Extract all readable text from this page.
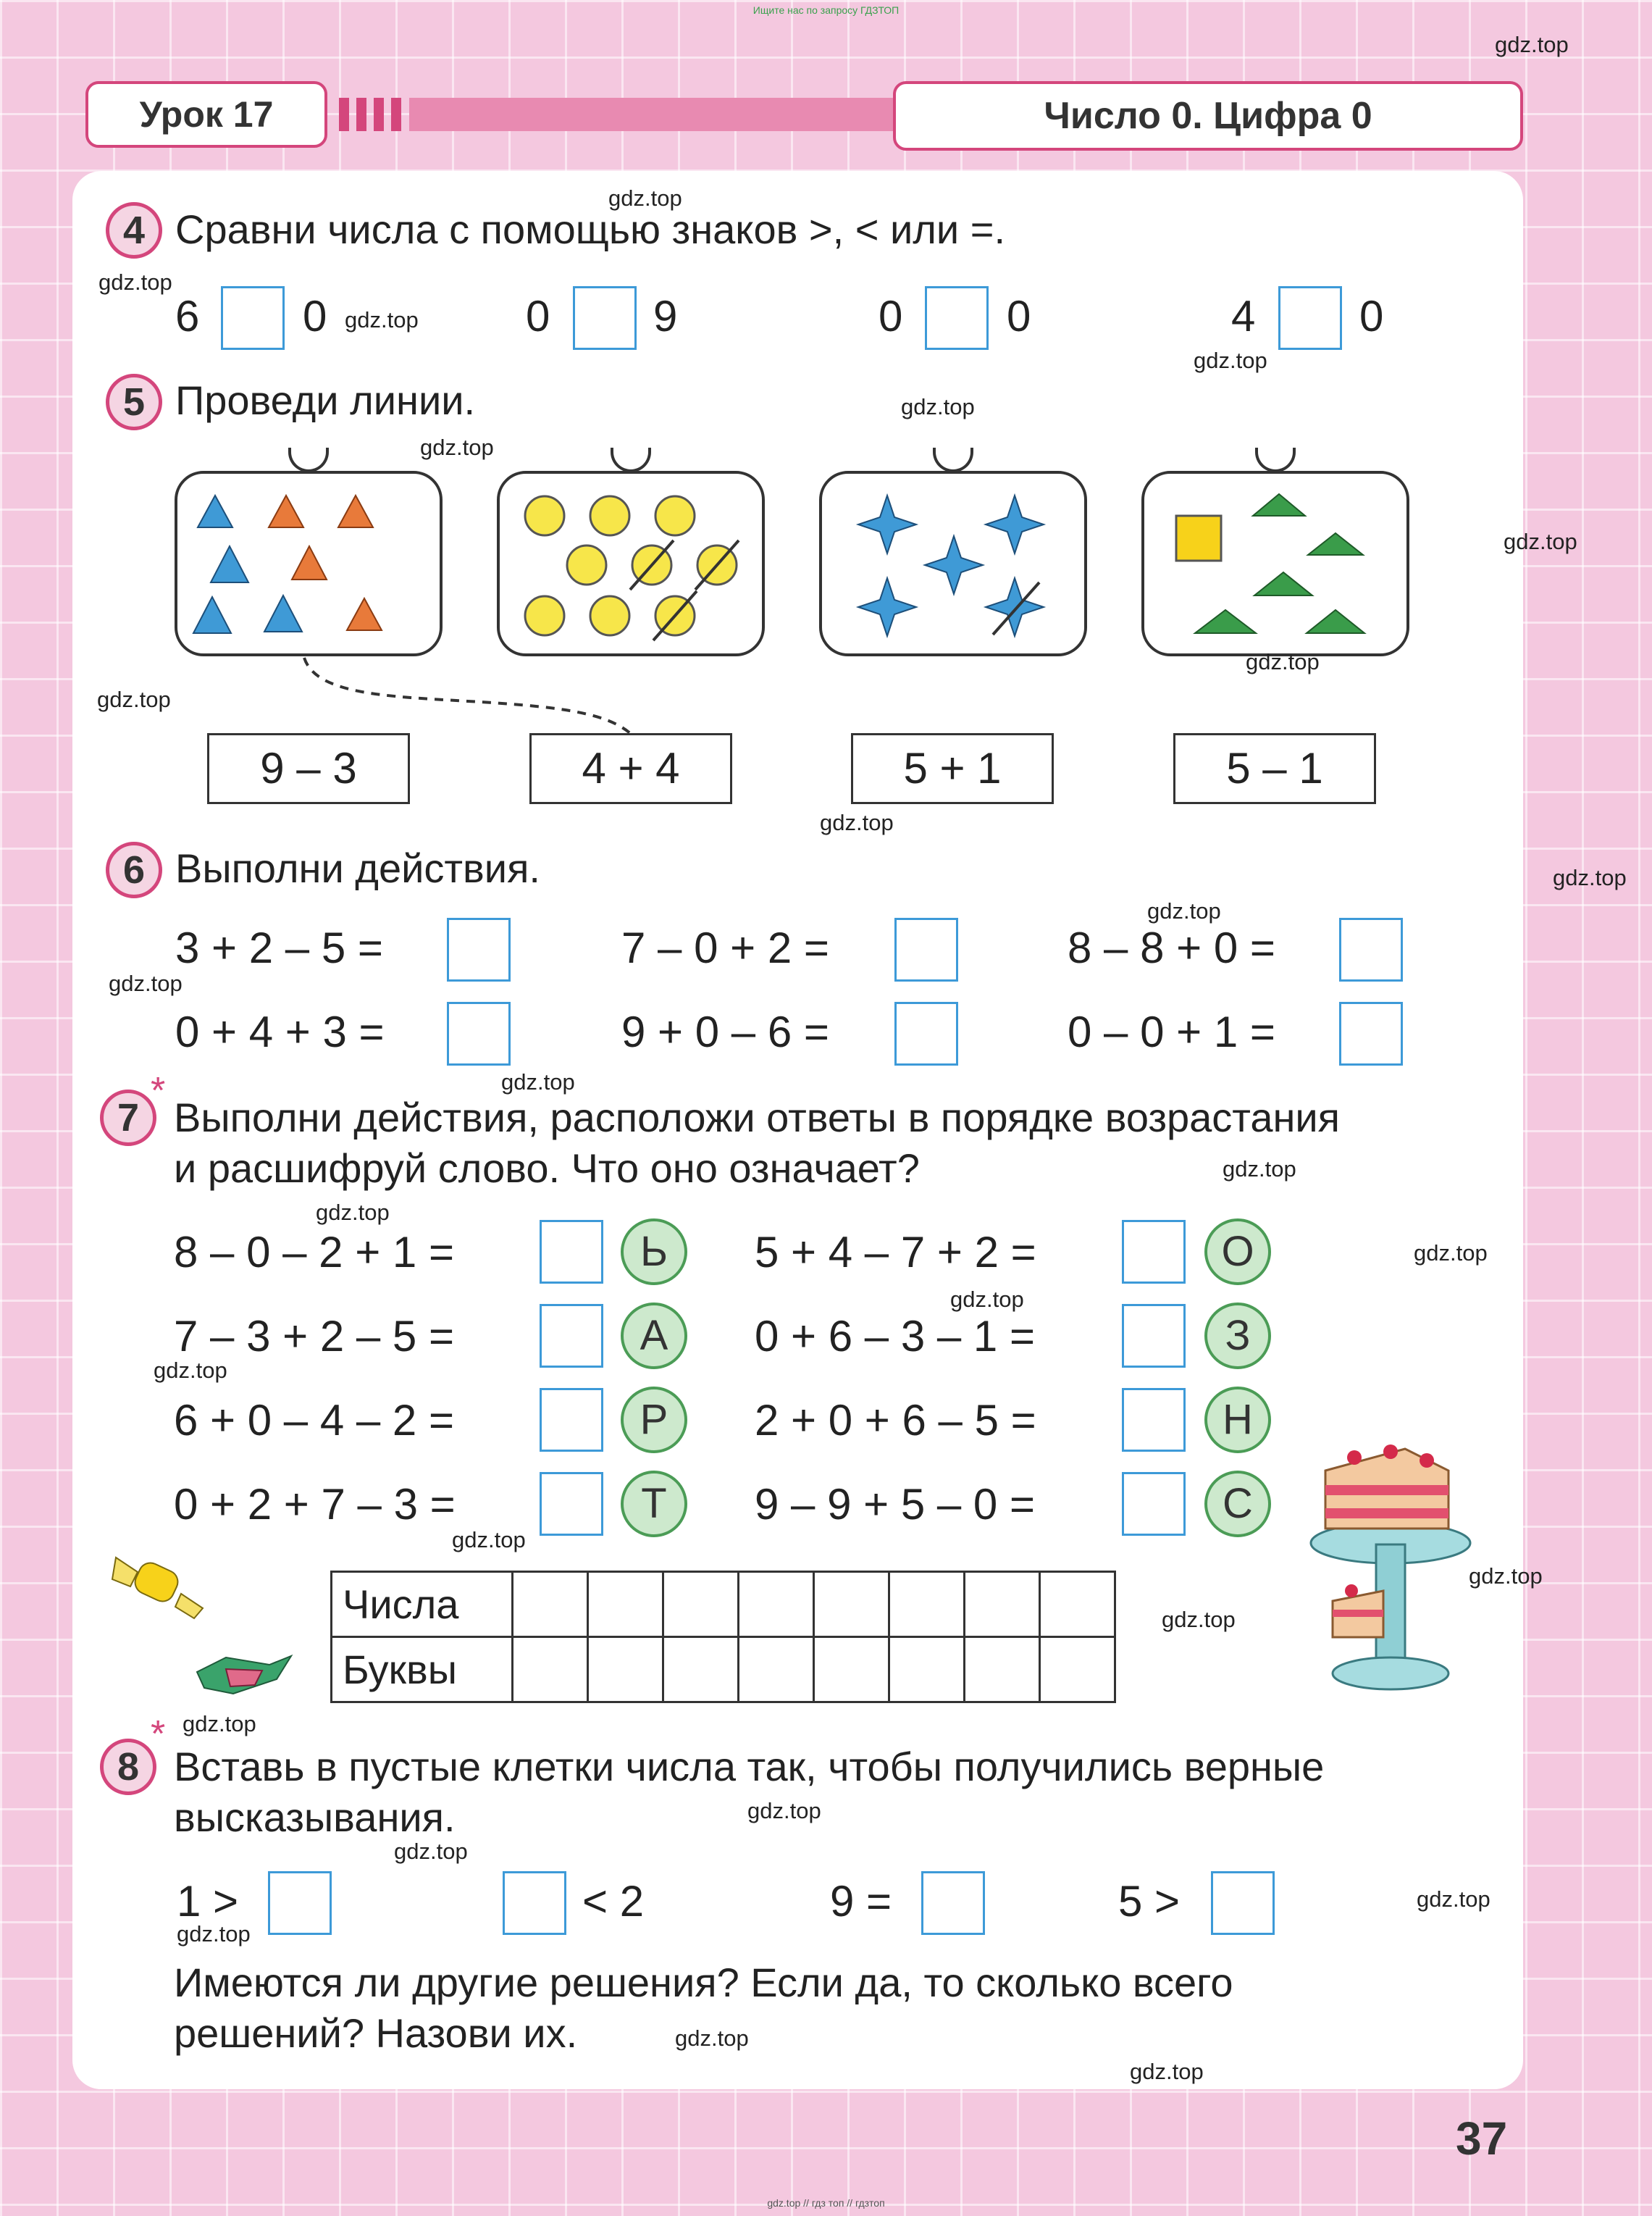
Ищите нас по запросу ГДЗТОП
Урок 17	Число 0. Цифра 0
4 Сравни числа с помощью знаков >, < или =.
6 0	0 9	0 0	4 0
5 Проведи линии.
9 – 3	4 + 4	5 + 1	5 – 1
6 Выполни действия.
3 + 2 – 5 =	7 – 0 + 2 =	8 – 8 + 0 =
0 + 4 + 3 =	9 + 0 – 6 =	0 – 0 + 1 =
*
7 Выполни действия, расположи ответы в порядке возрастания
и расшифруй слово. Что оно означает?
8 – 0 – 2 + 1 =	Ь	5 + 4 – 7 + 2 =	О
7 – 3 + 2 – 5 =	А	0 + 6 – 3 – 1 =	З
6 + 0 – 4 – 2 =	Р	2 + 0 + 6 – 5 =	Н
0 + 2 + 7 – 3 =	Т	9 – 9 + 5 – 0 =	С
Числа								
Буквы								
*
8 Вставь в пустые клетки числа так, чтобы получились верные
высказывания.
1 >	< 2	9 =	5 >
Имеются ли другие решения? Если да, то сколько всего
решений? Назови их.
37
gdz.top
gdz.top
gdz.top
gdz.top
gdz.top
gdz.top
gdz.top
gdz.top
gdz.top
gdz.top
gdz.top
gdz.top
gdz.top
gdz.top
gdz.top
gdz.top
gdz.top
gdz.top
gdz.top
gdz.top
gdz.top
gdz.top
gdz.top
gdz.top
gdz.top
gdz.top
gdz.top
gdz.top
gdz.top
gdz.top
gdz.top // гдз топ // гдзтоп
